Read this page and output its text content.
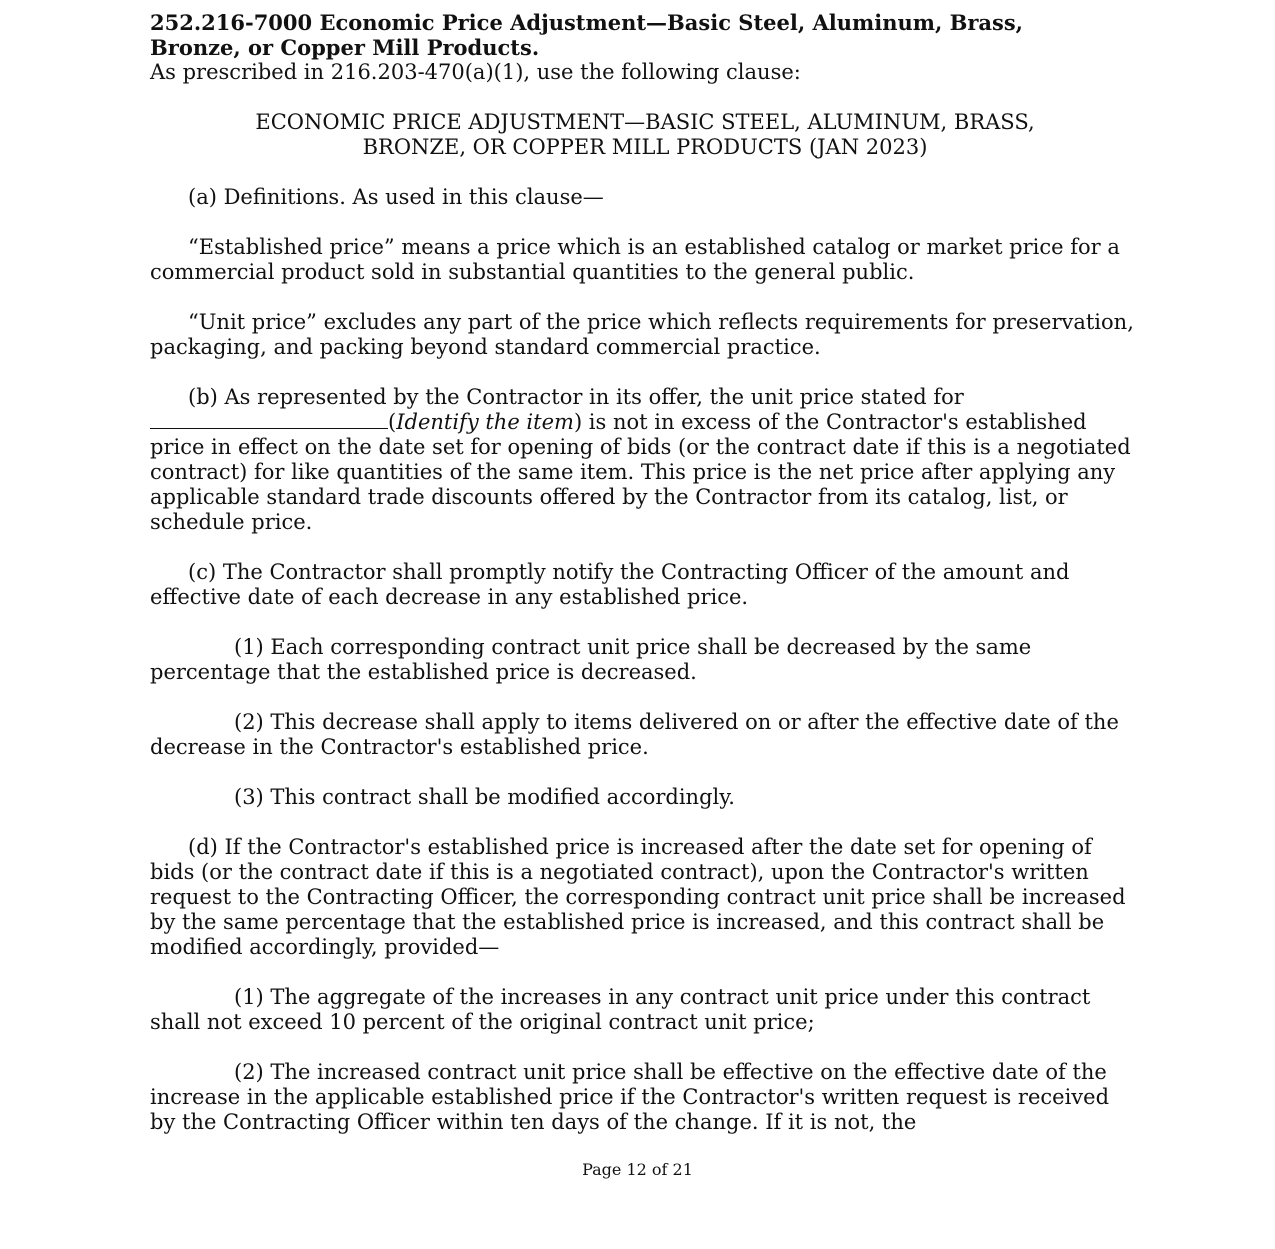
252.216-7000 Economic Price Adjustment—Basic Steel, Aluminum, Brass,
Bronze, or Copper Mill Products.

As prescribed in 216.203-470(a)(1), use the following clause:

ECONOMIC PRICE ADJUSTMENT—BASIC STEEL, ALUMINUM, BRASS,
BRONZE, OR COPPER MILL PRODUCTS (JAN 2023)

(a) Definitions. As used in this clause—

“Established price” means a price which is an established catalog or market price for a commercial product sold in substantial quantities to the general public.

“Unit price” excludes any part of the price which reflects requirements for preservation, packaging, and packing beyond standard commercial practice.

(b) As represented by the Contractor in its offer, the unit price stated for
(Identify the item) is not in excess of the Contractor's established price in effect on the date set for opening of bids (or the contract date if this is a negotiated contract) for like quantities of the same item. This price is the net price after applying any applicable standard trade discounts offered by the Contractor from its catalog, list, or schedule price.

(c) The Contractor shall promptly notify the Contracting Officer of the amount and effective date of each decrease in any established price.

(1) Each corresponding contract unit price shall be decreased by the same percentage that the established price is decreased.

(2) This decrease shall apply to items delivered on or after the effective date of the decrease in the Contractor's established price.

(3) This contract shall be modified accordingly.

(d) If the Contractor's established price is increased after the date set for opening of bids (or the contract date if this is a negotiated contract), upon the Contractor's written request to the Contracting Officer, the corresponding contract unit price shall be increased by the same percentage that the established price is increased, and this contract shall be modified accordingly, provided—

(1) The aggregate of the increases in any contract unit price under this contract shall not exceed 10 percent of the original contract unit price;

(2) The increased contract unit price shall be effective on the effective date of the increase in the applicable established price if the Contractor's written request is received by the Contracting Officer within ten days of the change. If it is not, the

Page 12 of 21
